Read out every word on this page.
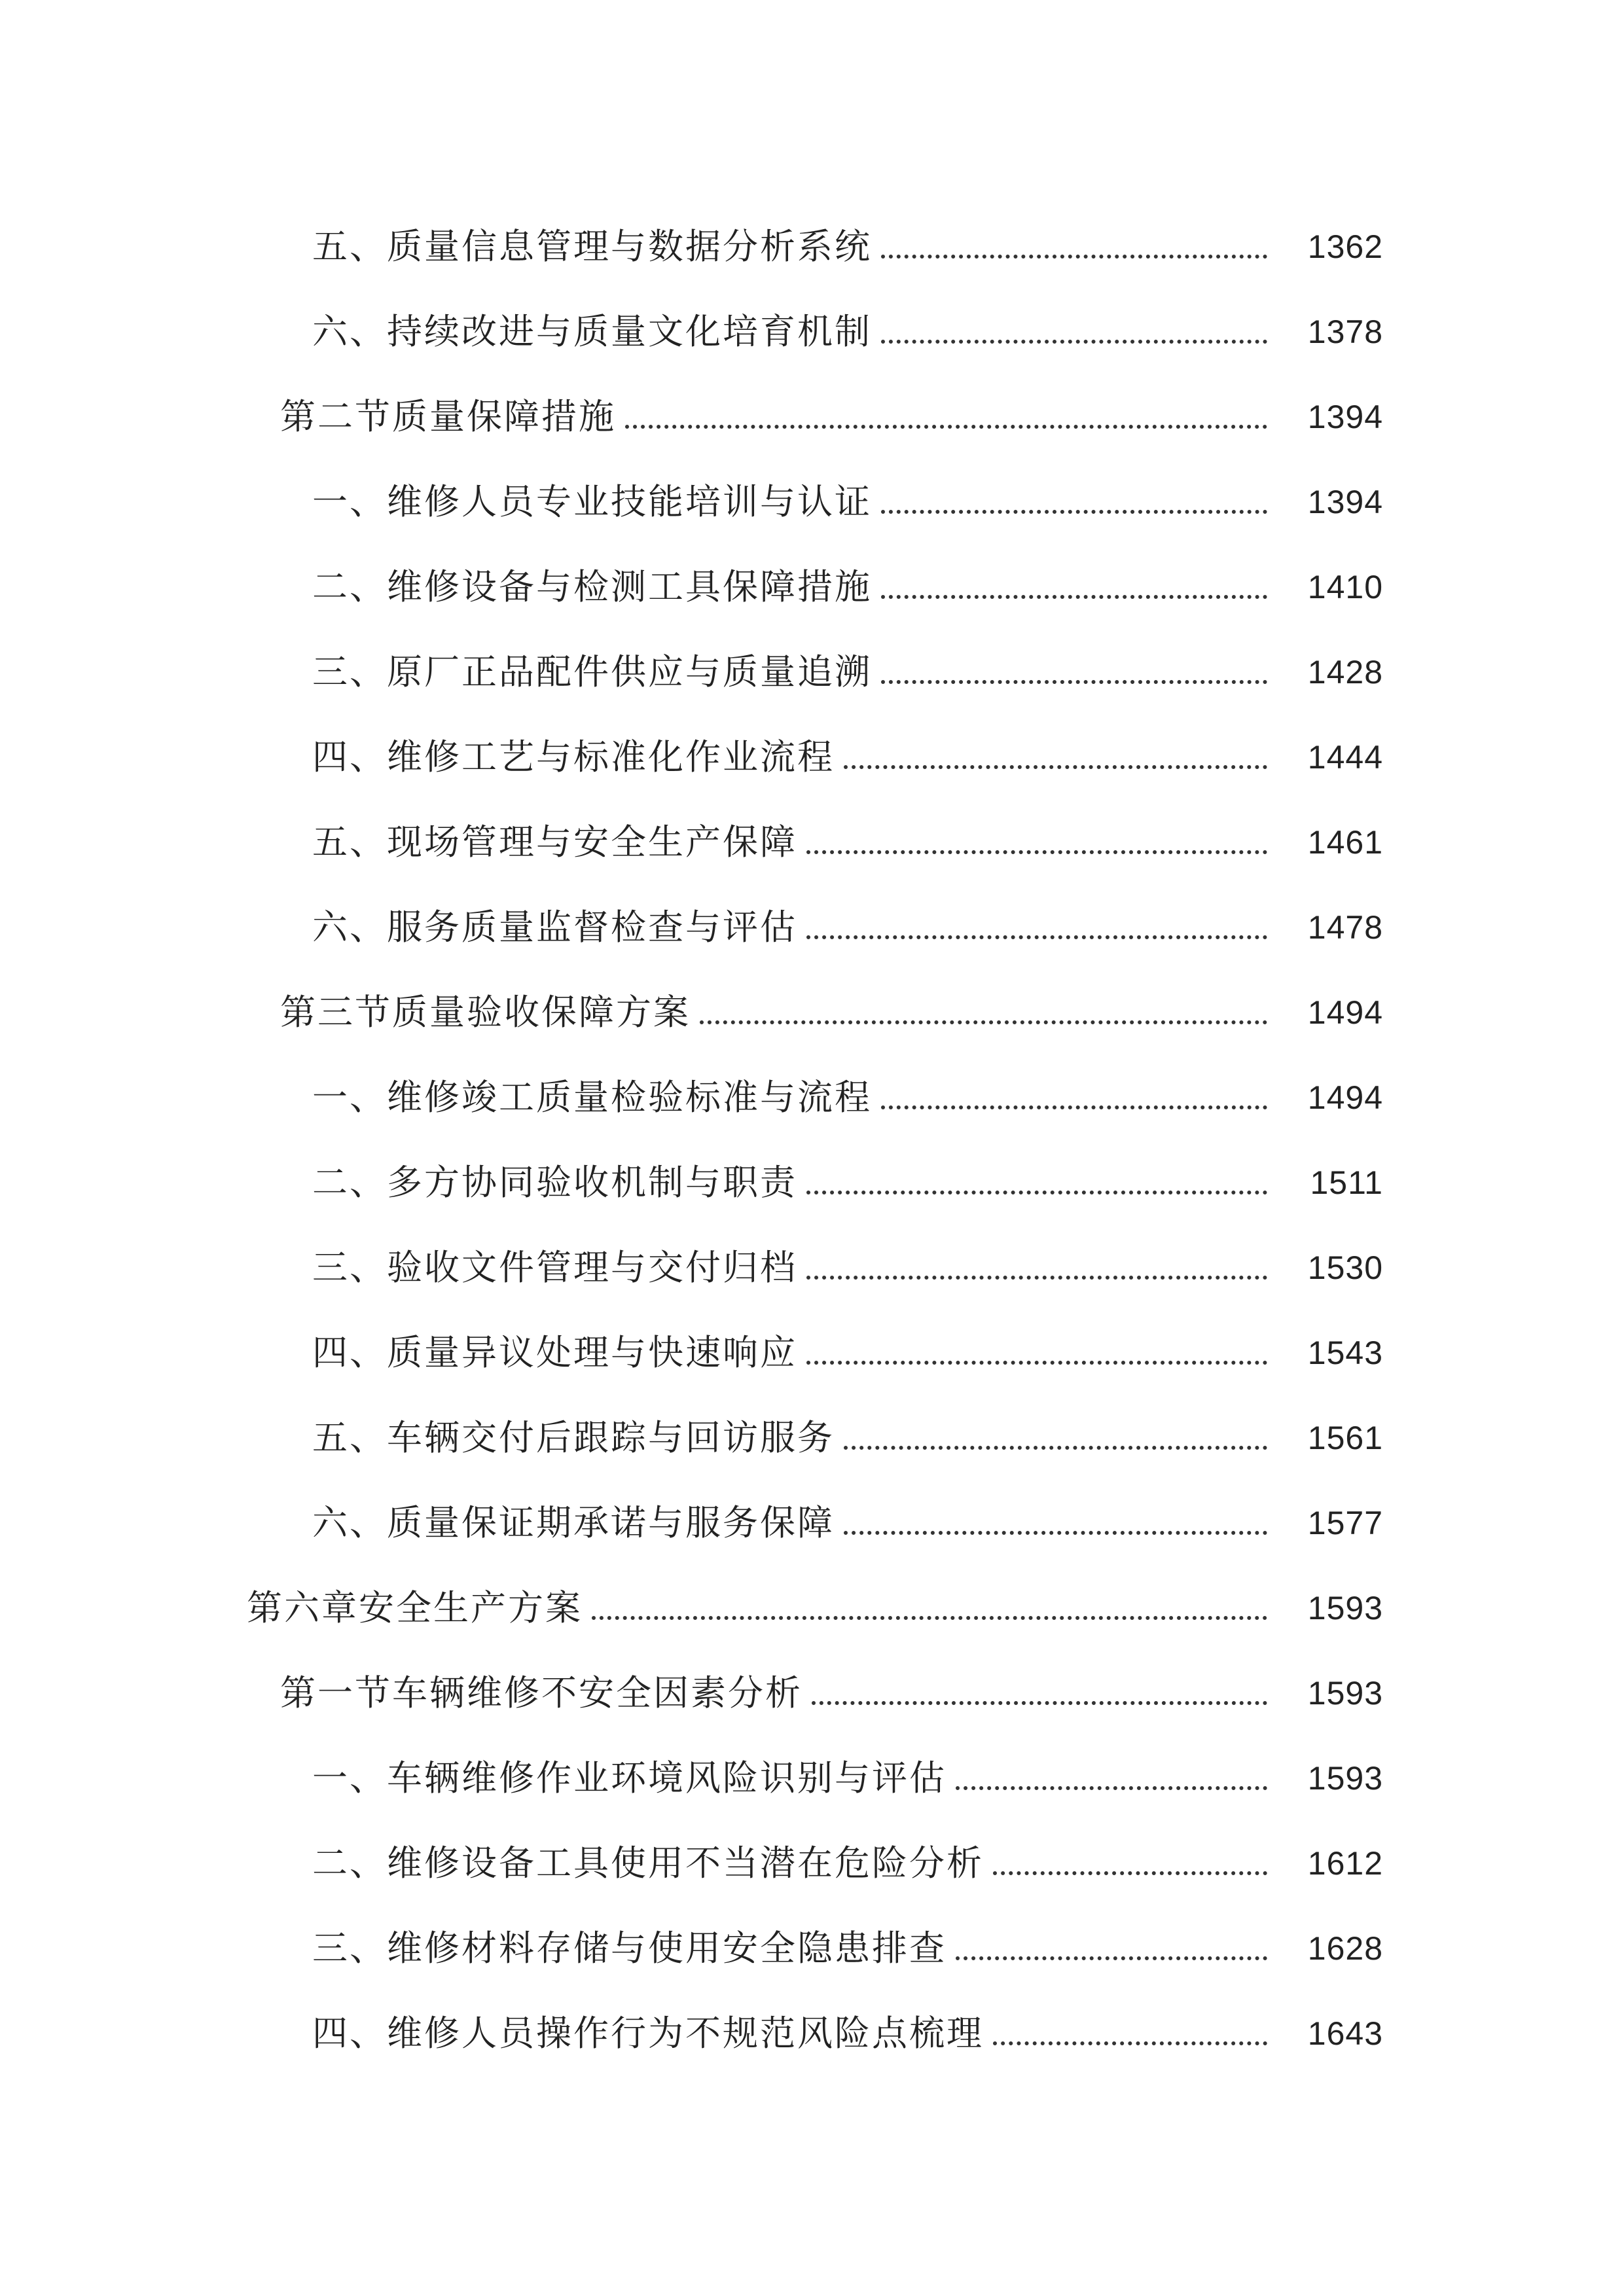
五、质量信息管理与数据分析系统	1362
六、持续改进与质量文化培育机制	1378
第二节质量保障措施	1394
一、维修人员专业技能培训与认证	1394
二、维修设备与检测工具保障措施	1410
三、原厂正品配件供应与质量追溯	1428
四、维修工艺与标准化作业流程	1444
五、现场管理与安全生产保障	1461
六、服务质量监督检查与评估	1478
第三节质量验收保障方案	1494
一、维修竣工质量检验标准与流程	1494
二、多方协同验收机制与职责	1511
三、验收文件管理与交付归档	1530
四、质量异议处理与快速响应	1543
五、车辆交付后跟踪与回访服务	1561
六、质量保证期承诺与服务保障	1577
第六章安全生产方案	1593
第一节车辆维修不安全因素分析	1593
一、车辆维修作业环境风险识别与评估	1593
二、维修设备工具使用不当潜在危险分析	1612
三、维修材料存储与使用安全隐患排查	1628
四、维修人员操作行为不规范风险点梳理	1643
